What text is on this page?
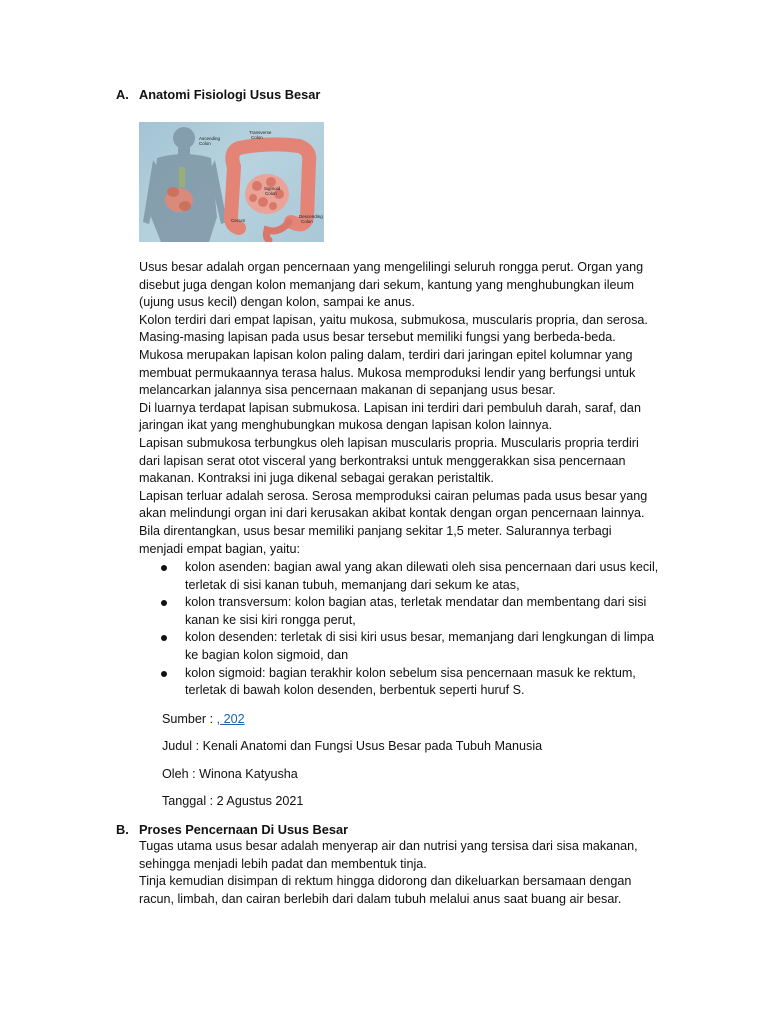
A. Anatomi Fisiologi Usus Besar
Ascending
Colon
Transverse
Colon
Sigmoid
Colon
Cecum
Descending
Colon
Usus besar adalah organ pencernaan yang mengelilingi seluruh rongga perut. Organ yang
disebut juga dengan kolon memanjang dari sekum, kantung yang menghubungkan ileum
(ujung usus kecil) dengan kolon, sampai ke anus.
Kolon terdiri dari empat lapisan, yaitu mukosa, submukosa, muscularis propria, dan serosa.
Masing-masing lapisan pada usus besar tersebut memiliki fungsi yang berbeda-beda.
Mukosa merupakan lapisan kolon paling dalam, terdiri dari jaringan epitel kolumnar yang
membuat permukaannya terasa halus. Mukosa memproduksi lendir yang berfungsi untuk
melancarkan jalannya sisa pencernaan makanan di sepanjang usus besar.
Di luarnya terdapat lapisan submukosa. Lapisan ini terdiri dari pembuluh darah, saraf, dan
jaringan ikat yang menghubungkan mukosa dengan lapisan kolon lainnya.
Lapisan submukosa terbungkus oleh lapisan muscularis propria. Muscularis propria terdiri
dari lapisan serat otot visceral yang berkontraksi untuk menggerakkan sisa pencernaan
makanan. Kontraksi ini juga dikenal sebagai gerakan peristaltik.
Lapisan terluar adalah serosa. Serosa memproduksi cairan pelumas pada usus besar yang
akan melindungi organ ini dari kerusakan akibat kontak dengan organ pencernaan lainnya.
Bila direntangkan, usus besar memiliki panjang sekitar 1,5 meter. Salurannya terbagi
menjadi empat bagian, yaitu:
kolon asenden: bagian awal yang akan dilewati oleh sisa pencernaan dari usus kecil,
terletak di sisi kanan tubuh, memanjang dari sekum ke atas,
kolon transversum: kolon bagian atas, terletak mendatar dan membentang dari sisi
kanan ke sisi kiri rongga perut,
kolon desenden: terletak di sisi kiri usus besar, memanjang dari lengkungan di limpa
ke bagian kolon sigmoid, dan
kolon sigmoid: bagian terakhir kolon sebelum sisa pencernaan masuk ke rektum,
terletak di bawah kolon desenden, berbentuk seperti huruf S.
Sumber : , 202
Judul : Kenali Anatomi dan Fungsi Usus Besar pada Tubuh Manusia
Oleh : Winona Katyusha
Tanggal : 2 Agustus 2021
B. Proses Pencernaan Di Usus Besar
Tugas utama usus besar adalah menyerap air dan nutrisi yang tersisa dari sisa makanan,
sehingga menjadi lebih padat dan membentuk tinja.
Tinja kemudian disimpan di rektum hingga didorong dan dikeluarkan bersamaan dengan
racun, limbah, dan cairan berlebih dari dalam tubuh melalui anus saat buang air besar.
